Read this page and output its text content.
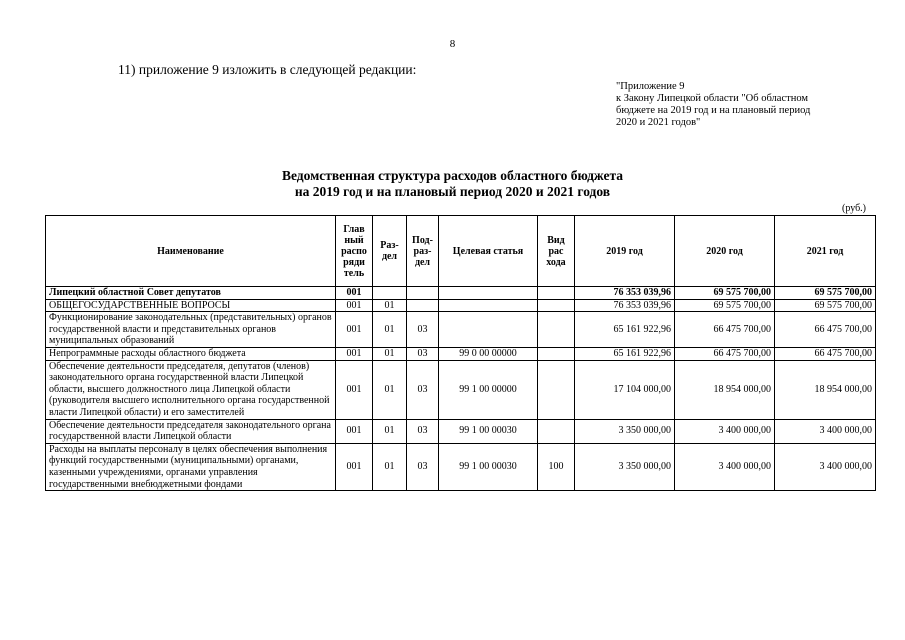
8
11) приложение 9 изложить в следующей редакции:
"Приложение 9
к Закону Липецкой области "Об областном
бюджете на 2019 год и на плановый период
2020 и 2021 годов"
Ведомственная структура расходов областного бюджета
на 2019 год и на плановый период 2020 и 2021 годов
(руб.)
Наименование	Глав ный распо ряди тель	Раз- дел	Под- раз- дел	Целевая статья	Вид рас хода	2019 год	2020 год	2021 год
Липецкий областной Совет депутатов	001					76 353 039,96	69 575 700,00	69 575 700,00
ОБЩЕГОСУДАРСТВЕННЫЕ ВОПРОСЫ	001	01				76 353 039,96	69 575 700,00	69 575 700,00
Функционирование законодательных (представительных) органов государственной власти и представительных органов муниципальных образований	001	01	03			65 161 922,96	66 475 700,00	66 475 700,00
Непрограммные расходы областного бюджета	001	01	03	99 0 00 00000		65 161 922,96	66 475 700,00	66 475 700,00
Обеспечение деятельности председателя, депутатов (членов) законодательного органа государственной власти Липецкой области, высшего должностного лица Липецкой области (руководителя высшего исполнительного органа государственной власти Липецкой области) и его заместителей	001	01	03	99 1 00 00000		17 104 000,00	18 954 000,00	18 954 000,00
Обеспечение деятельности председателя законодательного органа государственной власти Липецкой области	001	01	03	99 1 00 00030		3 350 000,00	3 400 000,00	3 400 000,00
Расходы на выплаты персоналу в целях обеспечения выполнения функций государственными (муниципальными) органами, казенными учреждениями, органами управления государственными внебюджетными фондами	001	01	03	99 1 00 00030	100	3 350 000,00	3 400 000,00	3 400 000,00
